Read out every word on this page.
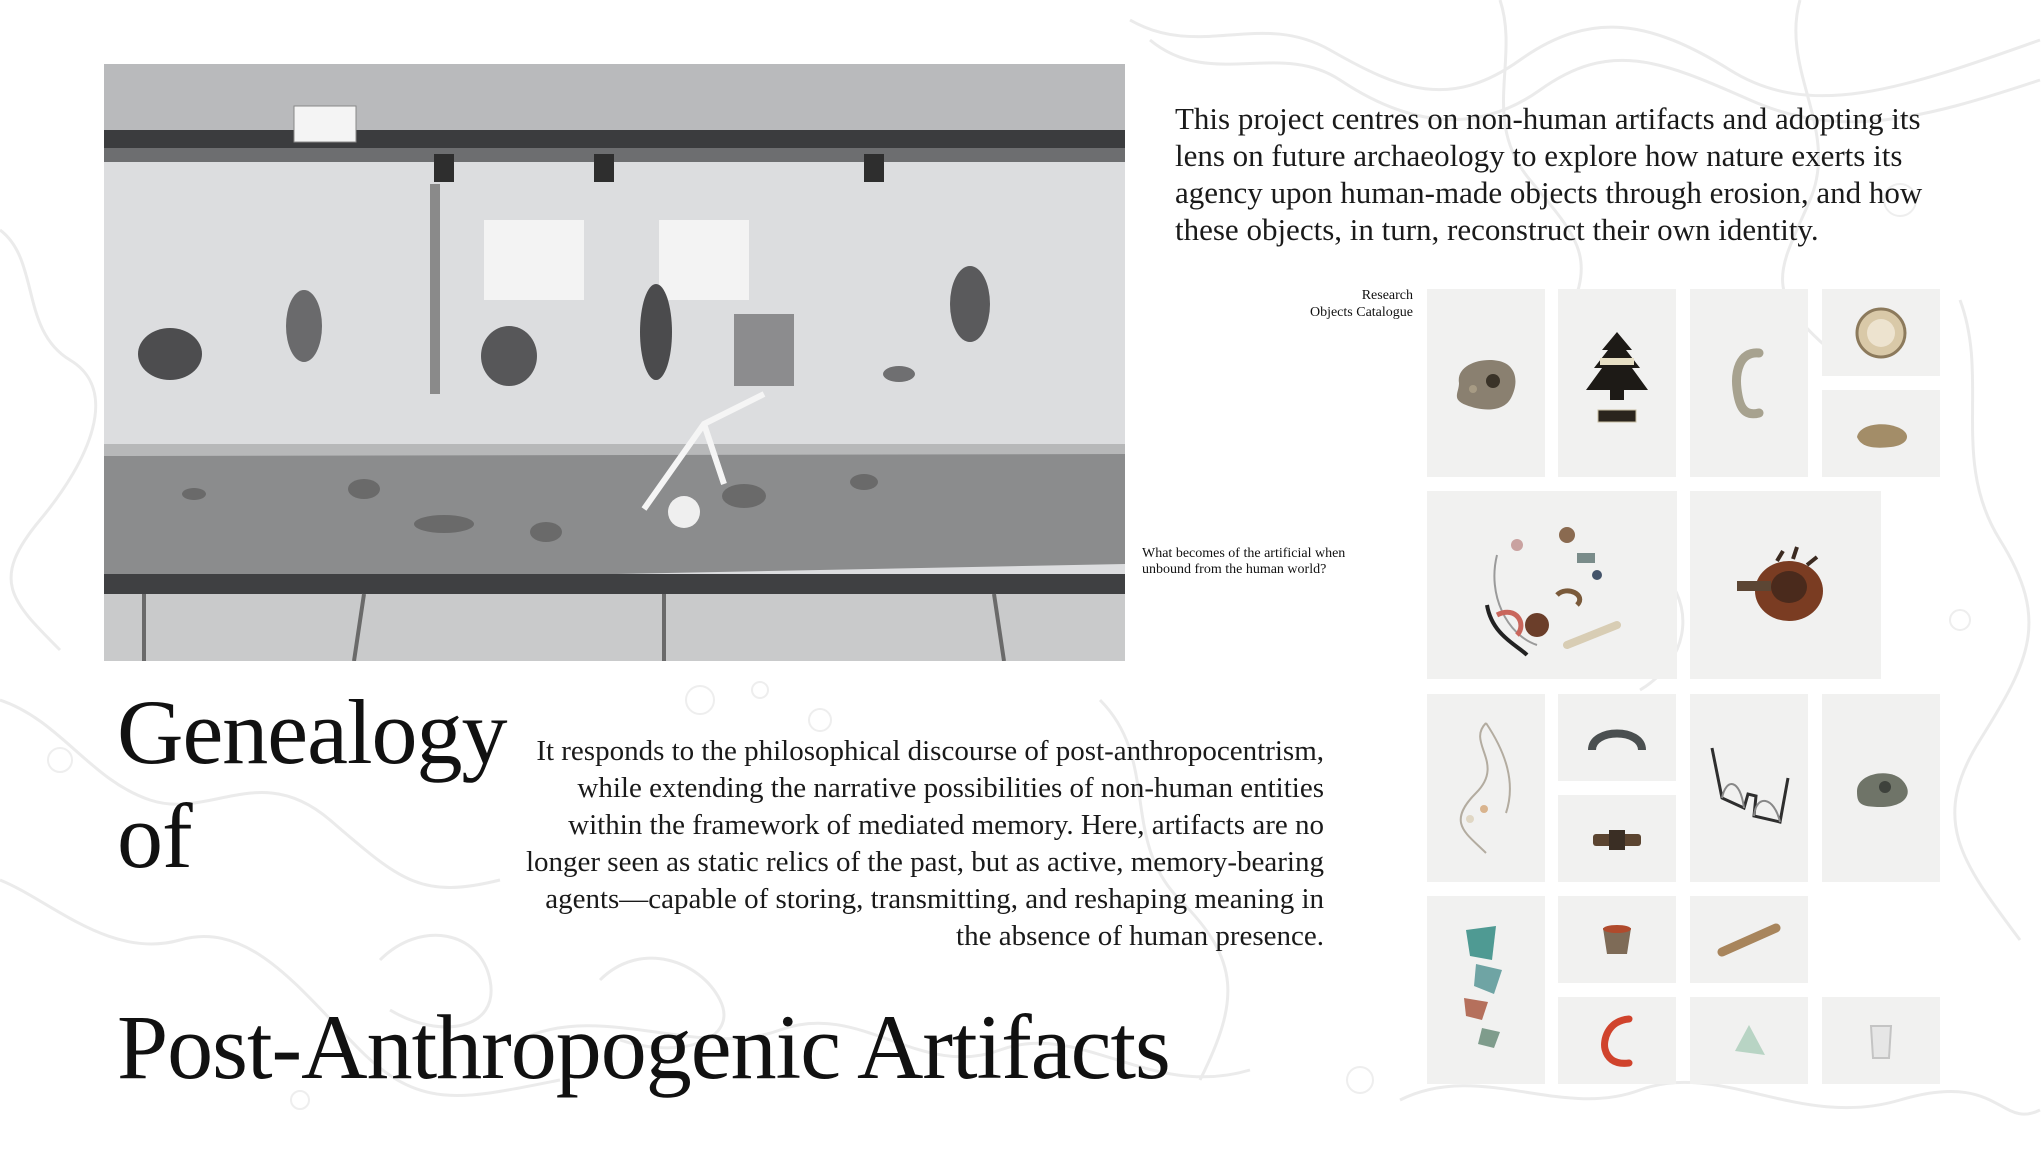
This project centres on non-human artifacts and adopting its lens on future archaeology to explore how nature exerts its agency upon human-made objects through erosion, and how these objects, in turn, reconstruct their own identity.
Research
Objects Catalogue
What becomes of the artificial when unbound from the human world?
Genealogy
of
Post-Anthropogenic Artifacts
It responds to the philosophical discourse of post-anthropocentrism, while extending the narrative possibilities of non-human entities within the framework of mediated memory. Here, artifacts are no longer seen as static relics of the past, but as active, memory-bearing agents—capable of storing, transmitting, and reshaping meaning in the absence of human presence.
